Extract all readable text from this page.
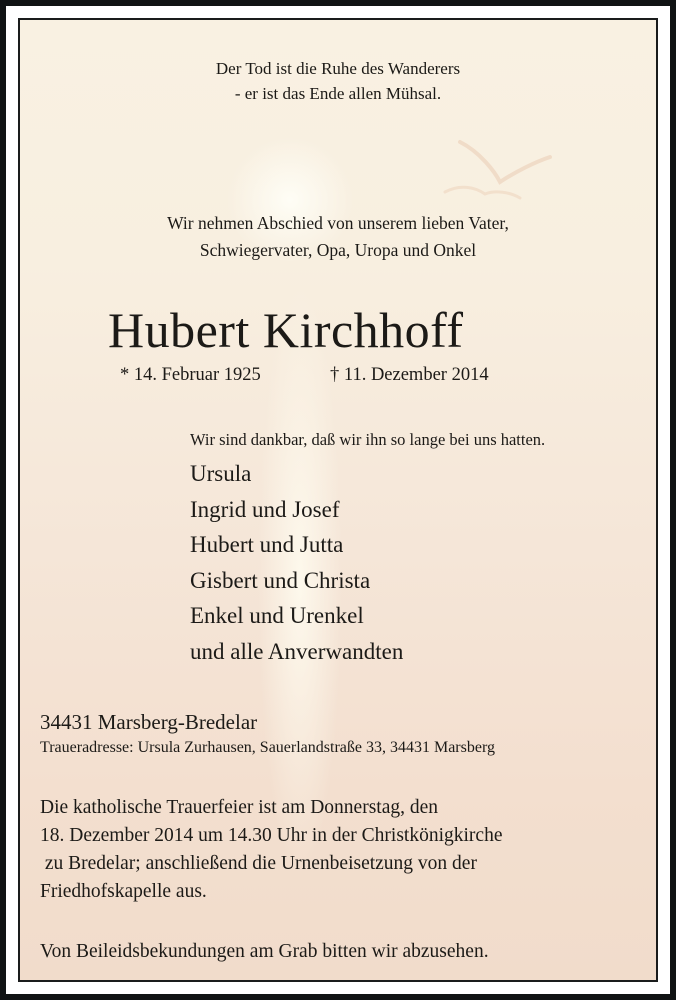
Der Tod ist die Ruhe des Wanderers
- er ist das Ende allen Mühsal.
Wir nehmen Abschied von unserem lieben Vater,
Schwiegervater, Opa, Uropa und Onkel
Hubert Kirchhoff
* 14. Februar 1925	† 11. Dezember 2014
Wir sind dankbar, daß wir ihn so lange bei uns hatten.
Ursula
Ingrid und Josef
Hubert und Jutta
Gisbert und Christa
Enkel und Urenkel
und alle Anverwandten
34431 Marsberg-Bredelar
Traueradresse: Ursula Zurhausen, Sauerlandstraße 33, 34431 Marsberg
Die katholische Trauerfeier ist am Donnerstag, den
18. Dezember 2014 um 14.30 Uhr in der Christkönigkirche
zu Bredelar; anschließend die Urnenbeisetzung von der
Friedhofskapelle aus.
Von Beileidsbekundungen am Grab bitten wir abzusehen.
